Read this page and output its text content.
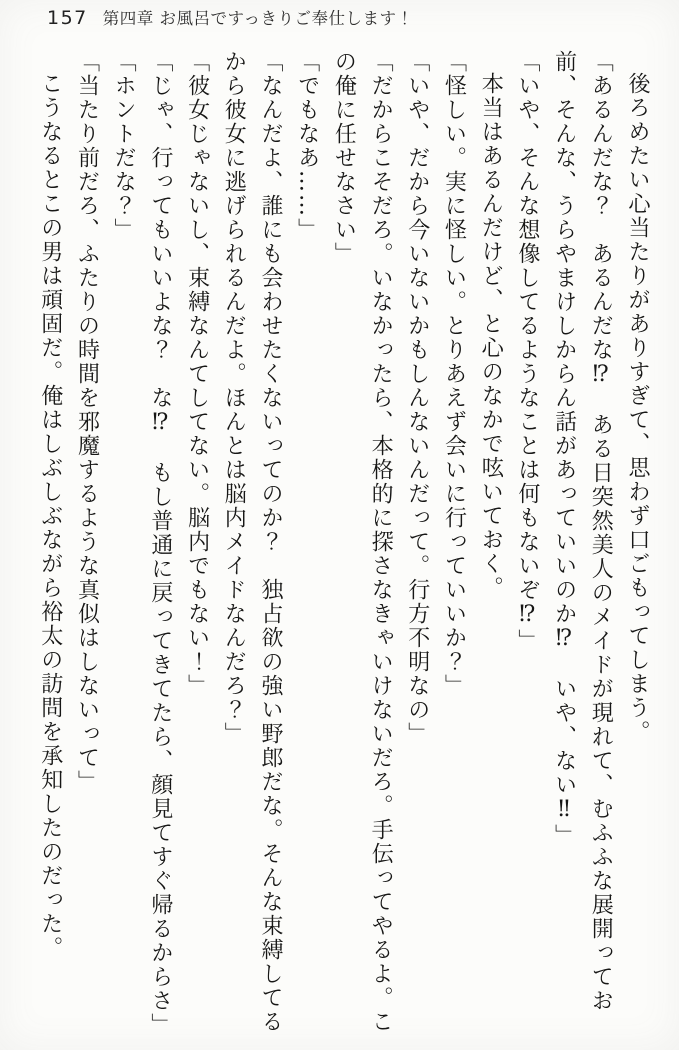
157 第四章 お風呂ですっきりご奉仕します！

後ろめたい心当たりがありすぎて、思わず口ごもってしまう。

「あるんだな？　あるんだな⁉　ある日突然美人のメイドが現れて、むふふな展開ってお前、そんな、うらやまけしからん話があっていいのか⁉　いや、ない‼」

「いや、そんな想像してるようなことは何もないぞ⁉」

本当はあるんだけど、と心のなかで呟いておく。

「怪しい。実に怪しい。とりあえず会いに行っていいか？」

「いや、だから今いないかもしんないんだって。行方不明なの」

「だからこそだろ。いなかったら、本格的に探さなきゃいけないだろ。手伝ってやるよ。この俺に任せなさい」

「でもなあ……」

「なんだよ、誰にも会わせたくないってのか？　独占欲の強い野郎だな。そんな束縛してるから彼女に逃げられるんだよ。ほんとは脳内メイドなんだろ？」

「彼女じゃないし、束縛なんてしてない。脳内でもない！」

「じゃ、行ってもいいよな？　な⁉　もし普通に戻ってきてたら、顔見てすぐ帰るからさ」

「ホントだな？」

「当たり前だろ、ふたりの時間を邪魔するような真似はしないって」

こうなるとこの男は頑固だ。俺はしぶしぶながら裕太の訪問を承知したのだった。
